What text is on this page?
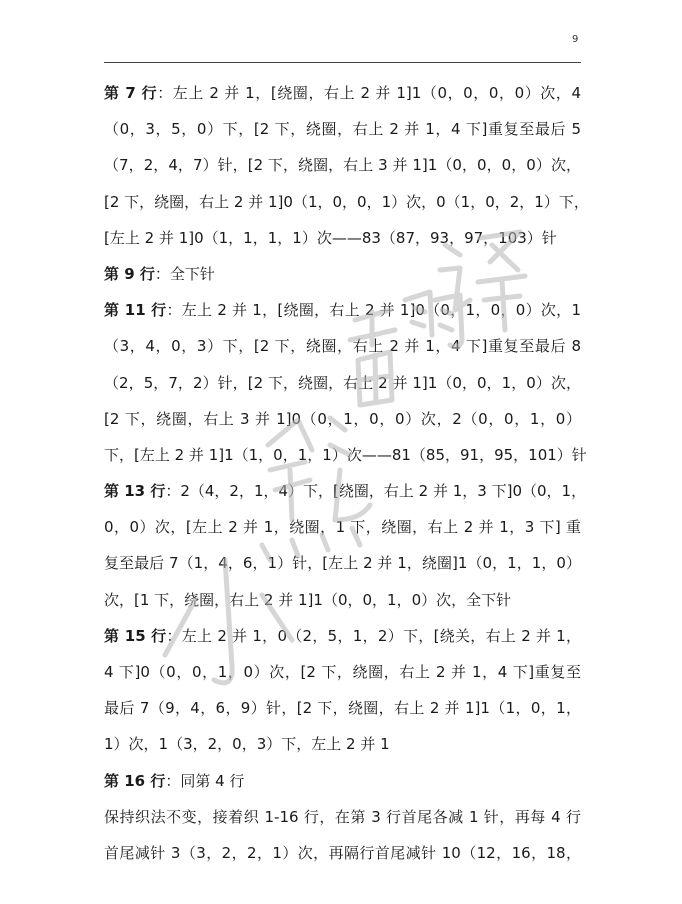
9
第 7 行：左上 2 并 1，[绕圈，右上 2 并 1]1（0，0，0，0）次，4
（0，3，5，0）下，[2 下，绕圈，右上 2 并 1，4 下]重复至最后 5
（7，2，4，7）针，[2 下，绕圈，右上 3 并 1]1（0，0，0，0）次，
[2 下，绕圈，右上 2 并 1]0（1，0，0，1）次，0（1，0，2，1）下，
[左上 2 并 1]0（1，1，1，1）次——83（87，93，97，103）针
第 9 行：全下针
第 11 行：左上 2 并 1，[绕圈，右上 2 并 1]0（0，1，0，0）次，1
（3，4，0，3）下，[2 下，绕圈，右上 2 并 1，4 下]重复至最后 8
（2，5，7，2）针，[2 下，绕圈，右上 2 并 1]1（0，0，1，0）次，
[2 下，绕圈，右上 3 并 1]0（0，1，0，0）次，2（0，0，1，0）
下，[左上 2 并 1]1（1，0，1，1）次——81（85，91，95，101）针
第 13 行：2（4，2，1，4）下，[绕圈，右上 2 并 1，3 下]0（0，1，
0，0）次，[左上 2 并 1，绕圈，1 下，绕圈，右上 2 并 1，3 下] 重
复至最后 7（1，4，6，1）针，[左上 2 并 1，绕圈]1（0，1，1，0）
次，[1 下，绕圈，右上 2 并 1]1（0，0，1，0）次，全下针
第 15 行：左上 2 并 1，0（2，5，1，2）下，[绕关，右上 2 并 1，
4 下]0（0，0，1，0）次，[2 下，绕圈，右上 2 并 1，4 下]重复至
最后 7（9，4，6，9）针，[2 下，绕圈，右上 2 并 1]1（1，0，1，
1）次，1（3，2，0，3）下，左上 2 并 1
第 16 行：同第 4 行
保持织法不变，接着织 1-16 行，在第 3 行首尾各减 1 针，再每 4 行
首尾减针 3（3，2，2，1）次，再隔行首尾减针 10（12，16，18，
